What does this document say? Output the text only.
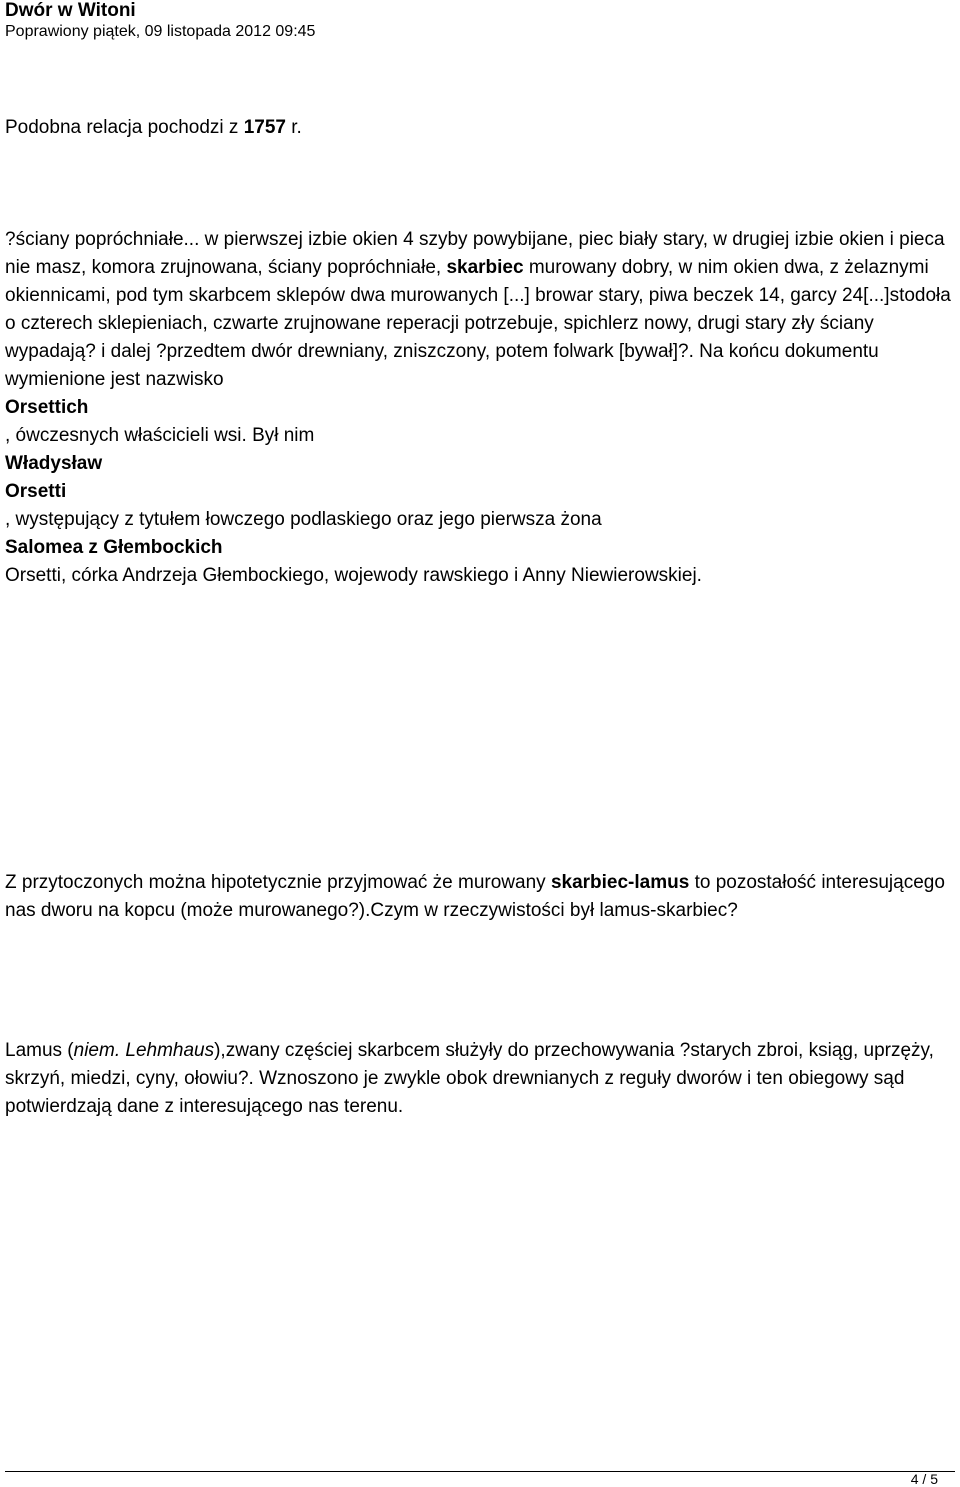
Dwór w Witoni

Poprawiony piątek, 09 listopada 2012 09:45

Podobna relacja pochodzi z 1757 r.

?ściany popróchniałe... w pierwszej izbie okien 4 szyby powybijane, piec biały stary, w drugiej izbie okien i pieca nie masz, komora zrujnowana, ściany popróchniałe, skarbiec murowany dobry, w nim okien dwa, z żelaznymi okiennicami, pod tym skarbcem sklepów dwa murowanych [...] browar stary, piwa beczek 14, garcy 24[...]stodoła o czterech sklepieniach, czwarte zrujnowane reperacji potrzebuje, spichlerz nowy, drugi stary zły ściany wypadają? i dalej ?przedtem dwór drewniany, zniszczony, potem folwark [bywał]?. Na końcu dokumentu wymienione jest nazwisko

Orsettich

, ówczesnych właścicieli wsi. Był nim

Władysław

Orsetti

, występujący z tytułem łowczego podlaskiego oraz jego pierwsza żona

Salomea z Głembockich

Orsetti, córka Andrzeja Głembockiego, wojewody rawskiego i Anny Niewierowskiej.

Z przytoczonych można hipotetycznie przyjmować że murowany skarbiec-lamus to pozostałość interesującego nas dworu na kopcu (może murowanego?).Czym w rzeczywistości był lamus-skarbiec?

Lamus (niem. Lehmhaus),zwany częściej skarbcem służyły do przechowywania ?starych zbroi, ksiąg, uprzęży, skrzyń, miedzi, cyny, ołowiu?. Wznoszono je zwykle obok drewnianych z reguły dworów i ten obiegowy sąd potwierdzają dane z interesującego nas terenu.

4 / 5
